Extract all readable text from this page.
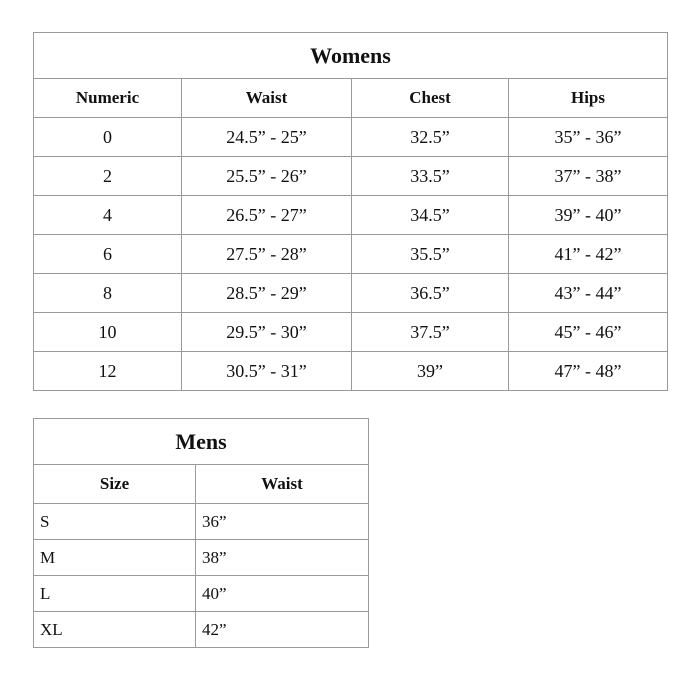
Womens			
Numeric	Waist	Chest	Hips
0	24.5” - 25”	32.5”	35” - 36”
2	25.5” - 26”	33.5”	37” - 38”
4	26.5” - 27”	34.5”	39” - 40”
6	27.5” - 28”	35.5”	41” - 42”
8	28.5” - 29”	36.5”	43” - 44”
10	29.5” - 30”	37.5”	45” - 46”
12	30.5” - 31”	39”	47” - 48”
Mens	
Size	Waist
S	36”
M	38”
L	40”
XL	42”
